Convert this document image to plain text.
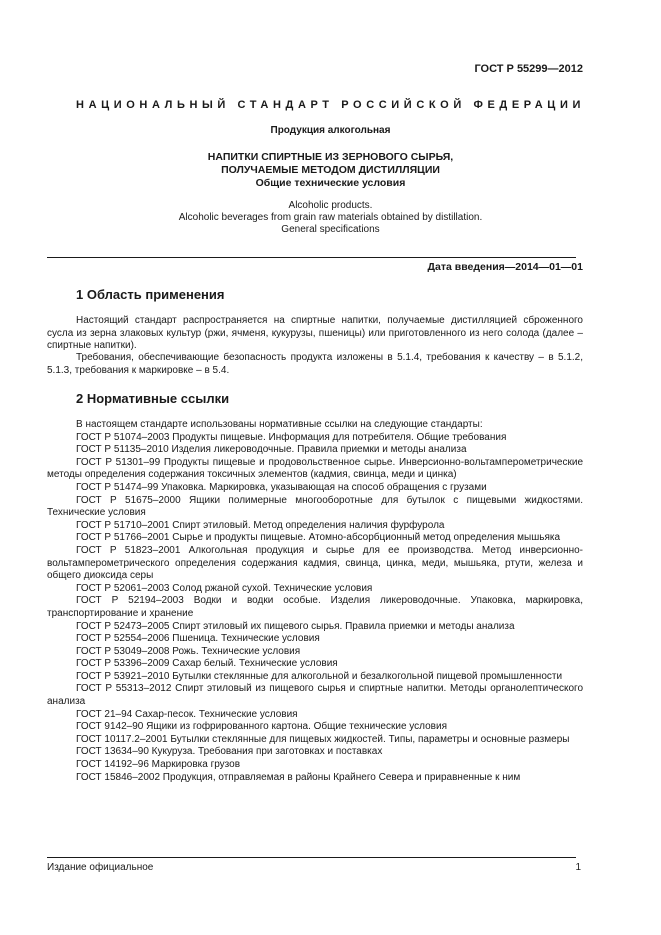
ГОСТ Р 55299—2012
НАЦИОНАЛЬНЫЙ СТАНДАРТ РОССИЙСКОЙ ФЕДЕРАЦИИ
Продукция алкогольная
НАПИТКИ СПИРТНЫЕ ИЗ ЗЕРНОВОГО СЫРЬЯ,
ПОЛУЧАЕМЫЕ МЕТОДОМ ДИСТИЛЛЯЦИИ
Общие технические условия
Alcoholic products.
Alcoholic beverages from grain raw materials obtained by distillation.
General specifications
Дата введения—2014—01—01
1 Область применения

Настоящий стандарт распространяется на спиртные напитки, получаемые дистилляцией сброженного сусла из зерна злаковых культур (ржи, ячменя, кукурузы, пшеницы) или приготовленного из него солода (далее – спиртные напитки).

Требования, обеспечивающие безопасность продукта изложены в 5.1.4, требования к качеству – в 5.1.2, 5.1.3, требования к маркировке – в 5.4.

2 Нормативные ссылки

В настоящем стандарте использованы нормативные ссылки на следующие стандарты:

ГОСТ Р 51074–2003 Продукты пищевые. Информация для потребителя. Общие требования

ГОСТ Р 51135–2010 Изделия ликероводочные. Правила приемки и методы анализа

ГОСТ Р 51301–99 Продукты пищевые и продовольственное сырье. Инверсионно-вольтамперометрические методы определения содержания токсичных элементов (кадмия, свинца, меди и цинка)

ГОСТ Р 51474–99 Упаковка. Маркировка, указывающая на способ обращения с грузами

ГОСТ Р 51675–2000 Ящики полимерные многооборотные для бутылок с пищевыми жидкостями. Технические условия

ГОСТ Р 51710–2001 Спирт этиловый. Метод определения наличия фурфурола

ГОСТ Р 51766–2001 Сырье и продукты пищевые. Атомно-абсорбционный метод определения мышьяка

ГОСТ Р 51823–2001 Алкогольная продукция и сырье для ее производства. Метод инверсионно-вольтамперометрического определения содержания кадмия, свинца, цинка, меди, мышьяка, ртути, железа и общего диоксида серы

ГОСТ Р 52061–2003 Солод ржаной сухой. Технические условия

ГОСТ Р 52194–2003 Водки и водки особые. Изделия ликероводочные. Упаковка, маркировка, транспортирование и хранение

ГОСТ Р 52473–2005 Спирт этиловый их пищевого сырья. Правила приемки и методы анализа

ГОСТ Р 52554–2006 Пшеница. Технические условия

ГОСТ Р 53049–2008 Рожь. Технические условия

ГОСТ Р 53396–2009 Сахар белый. Технические условия

ГОСТ Р 53921–2010 Бутылки стеклянные для алкогольной и безалкогольной пищевой промышленности

ГОСТ Р 55313–2012 Спирт этиловый из пищевого сырья и спиртные напитки. Методы органолептического анализа

ГОСТ 21–94 Сахар-песок. Технические условия

ГОСТ 9142–90 Ящики из гофрированного картона. Общие технические условия

ГОСТ 10117.2–2001 Бутылки стеклянные для пищевых жидкостей. Типы, параметры и основные размеры

ГОСТ 13634–90 Кукуруза. Требования при заготовках и поставках

ГОСТ 14192–96 Маркировка грузов

ГОСТ 15846–2002 Продукция, отправляемая в районы Крайнего Севера и приравненные к ним

Издание официальное	1
